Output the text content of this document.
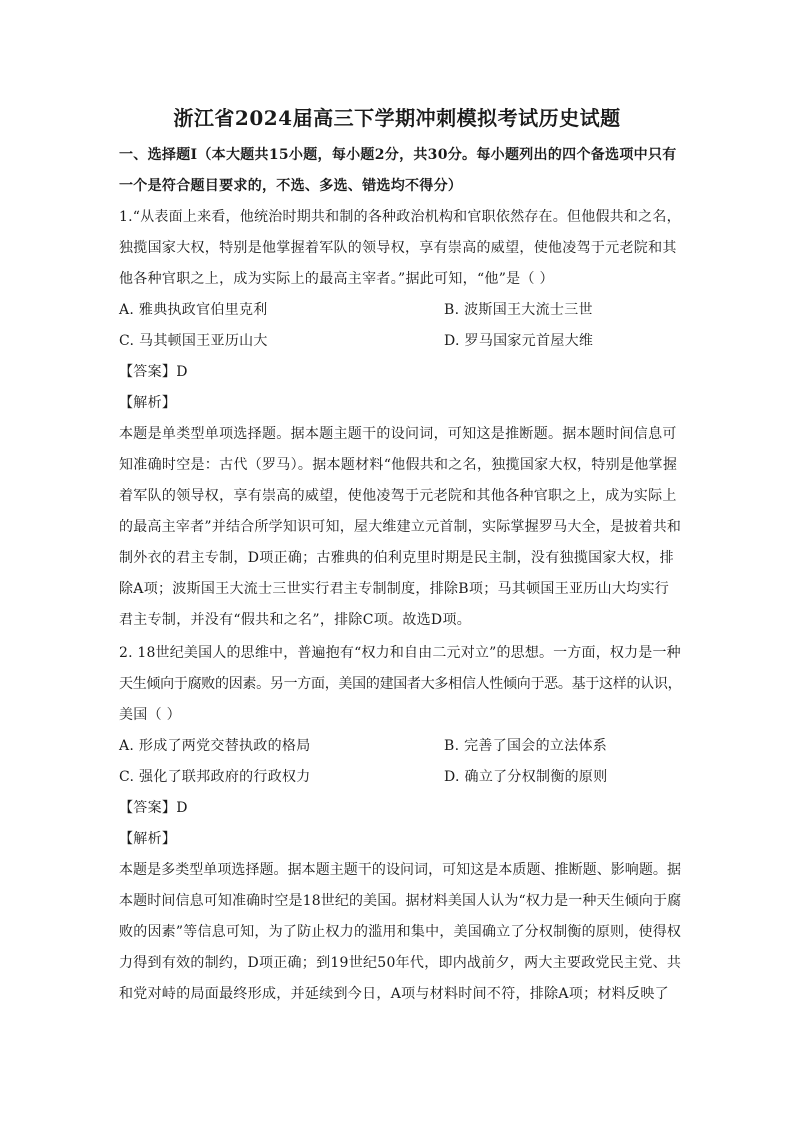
浙江省2024届高三下学期冲刺模拟考试历史试题
一、选择题Ⅰ（本大题共15小题，每小题2分，共30分。每小题列出的四个备选项中只有
一个是符合题目要求的，不选、多选、错选均不得分）
1.“从表面上来看，他统治时期共和制的各种政治机构和官职依然存在。但他假共和之名，
独揽国家大权，特别是他掌握着军队的领导权，享有崇高的威望，使他凌驾于元老院和其
他各种官职之上，成为实际上的最高主宰者。”据此可知，“他”是（ ）
A. 雅典执政官伯里克利	B. 波斯国王大流士三世
C. 马其顿国王亚历山大	D. 罗马国家元首屋大维
【答案】D
【解析】
本题是单类型单项选择题。据本题主题干的设问词，可知这是推断题。据本题时间信息可
知准确时空是：古代（罗马）。据本题材料“他假共和之名，独揽国家大权，特别是他掌握
着军队的领导权，享有崇高的威望，使他凌驾于元老院和其他各种官职之上，成为实际上
的最高主宰者”并结合所学知识可知，屋大维建立元首制，实际掌握罗马大全，是披着共和
制外衣的君主专制，D项正确；古雅典的伯利克里时期是民主制，没有独揽国家大权，排
除A项；波斯国王大流士三世实行君主专制制度，排除B项；马其顿国王亚历山大均实行
君主专制，并没有“假共和之名”，排除C项。故选D项。
2. 18世纪美国人的思维中，普遍抱有“权力和自由二元对立”的思想。一方面，权力是一种
天生倾向于腐败的因素。另一方面，美国的建国者大多相信人性倾向于恶。基于这样的认识，
美国（ ）
A. 形成了两党交替执政的格局	B. 完善了国会的立法体系
C. 强化了联邦政府的行政权力	D. 确立了分权制衡的原则
【答案】D
【解析】
本题是多类型单项选择题。据本题主题干的设问词，可知这是本质题、推断题、影响题。据
本题时间信息可知准确时空是18世纪的美国。据材料美国人认为“权力是一种天生倾向于腐
败的因素”等信息可知，为了防止权力的滥用和集中，美国确立了分权制衡的原则，使得权
力得到有效的制约，D项正确；到19世纪50年代，即内战前夕，两大主要政党民主党、共
和党对峙的局面最终形成，并延续到今日，A项与材料时间不符，排除A项；材料反映了
